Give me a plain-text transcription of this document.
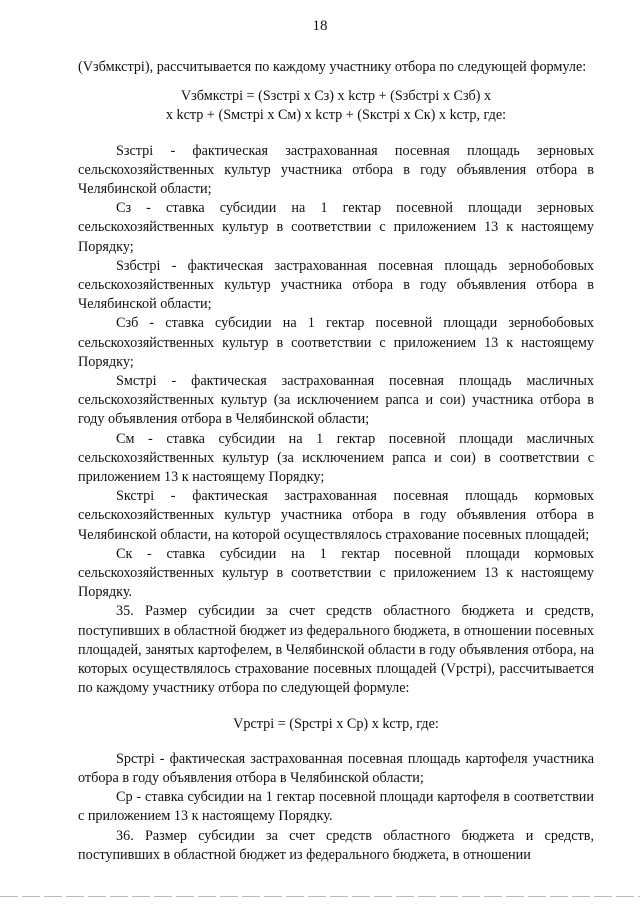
18

(Vзбмкстрi), рассчитывается по каждому участнику отбора по следующей формуле:

Vзбмкстрi = (Sзстрi x Сз) x kстр + (Sзбстрi x Сзб) x

x kстр + (Sмстрi x См) x kстр + (Sкстрi x Ск) x kстр, где:

Sзстрi - фактическая застрахованная посевная площадь зерновых сельскохозяйственных культур участника отбора в году объявления отбора в Челябинской области;

Сз - ставка субсидии на 1 гектар посевной площади зерновых сельскохозяйственных культур в соответствии с приложением 13 к настоящему Порядку;

Sзбстрi - фактическая застрахованная посевная площадь зернобобовых сельскохозяйственных культур участника отбора в году объявления отбора в Челябинской области;

Сзб - ставка субсидии на 1 гектар посевной площади зернобобовых сельскохозяйственных культур в соответствии с приложением 13 к настоящему Порядку;

Sмстрi - фактическая застрахованная посевная площадь масличных сельскохозяйственных культур (за исключением рапса и сои) участника отбора в году объявления отбора в Челябинской области;

См - ставка субсидии на 1 гектар посевной площади масличных сельскохозяйственных культур (за исключением рапса и сои) в соответствии с приложением 13 к настоящему Порядку;

Sкстрi - фактическая застрахованная посевная площадь кормовых сельскохозяйственных культур участника отбора в году объявления отбора в Челябинской области, на которой осуществлялось страхование посевных площадей;

Ск - ставка субсидии на 1 гектар посевной площади кормовых сельскохозяйственных культур в соответствии с приложением 13 к настоящему Порядку.

35. Размер субсидии за счет средств областного бюджета и средств, поступивших в областной бюджет из федерального бюджета, в отношении посевных площадей, занятых картофелем, в Челябинской области в году объявления отбора, на которых осуществлялось страхование посевных площадей (Vpстрi), рассчитывается по каждому участнику отбора по следующей формуле:

Vpстрi = (Spстрi x Сp) x kстр, где:

Spстрi - фактическая застрахованная посевная площадь картофеля участника отбора в году объявления отбора в Челябинской области;

Сp - ставка субсидии на 1 гектар посевной площади картофеля в соответствии с приложением 13 к настоящему Порядку.

36. Размер субсидии за счет средств областного бюджета и средств, поступивших в областной бюджет из федерального бюджета, в отношении
